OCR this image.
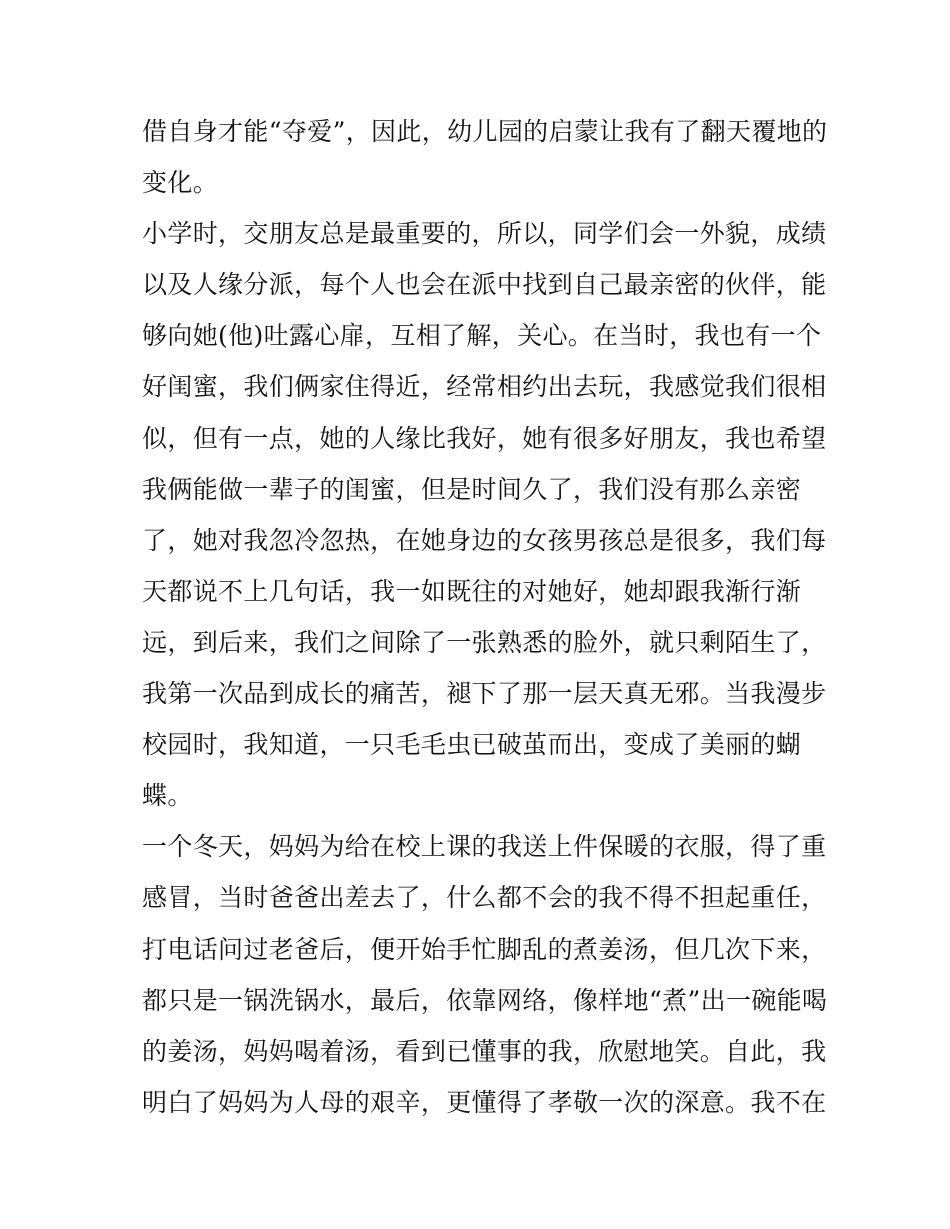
借自身才能“夺爱”，因此，幼儿园的启蒙让我有了翻天覆地的
变化。
小学时，交朋友总是最重要的，所以，同学们会一外貌，成绩
以及人缘分派，每个人也会在派中找到自己最亲密的伙伴，能
够向她(他)吐露心扉，互相了解，关心。在当时，我也有一个
好闺蜜，我们俩家住得近，经常相约出去玩，我感觉我们很相
似，但有一点，她的人缘比我好，她有很多好朋友，我也希望
我俩能做一辈子的闺蜜，但是时间久了，我们没有那么亲密
了，她对我忽冷忽热，在她身边的女孩男孩总是很多，我们每
天都说不上几句话，我一如既往的对她好，她却跟我渐行渐
远，到后来，我们之间除了一张熟悉的脸外，就只剩陌生了，
我第一次品到成长的痛苦，褪下了那一层天真无邪。当我漫步
校园时，我知道，一只毛毛虫已破茧而出，变成了美丽的蝴
蝶。
一个冬天，妈妈为给在校上课的我送上件保暖的衣服，得了重
感冒，当时爸爸出差去了，什么都不会的我不得不担起重任，
打电话问过老爸后，便开始手忙脚乱的煮姜汤，但几次下来，
都只是一锅洗锅水，最后，依靠网络，像样地“煮”出一碗能喝
的姜汤，妈妈喝着汤，看到已懂事的我，欣慰地笑。自此，我
明白了妈妈为人母的艰辛，更懂得了孝敬一次的深意。我不在
